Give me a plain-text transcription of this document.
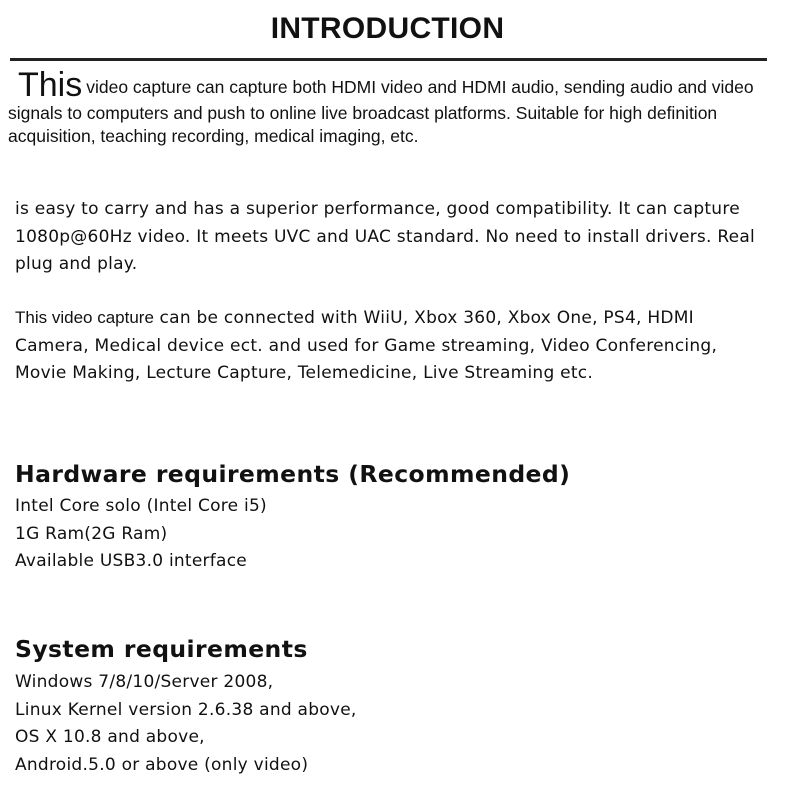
INTRODUCTION

This video capture can capture both HDMI video and HDMI audio, sending audio and video signals to computers and push to online live broadcast platforms. Suitable for high definition acquisition, teaching recording, medical imaging, etc.

is easy to carry and has a superior performance, good compatibility. It can capture 1080p@60Hz video. It meets UVC and UAC standard. No need to install drivers. Real plug and play.

This video capture can be connected with WiiU, Xbox 360, Xbox One, PS4, HDMI Camera, Medical device ect. and used for Game streaming, Video Conferencing, Movie Making, Lecture Capture, Telemedicine, Live Streaming etc.

Hardware requirements (Recommended)
Intel Core solo (Intel Core i5)
1G Ram(2G Ram)
Available USB3.0 interface
System requirements
Windows 7/8/10/Server 2008,
Linux Kernel version 2.6.38 and above,
OS X 10.8 and above,
Android.5.0 or above (only video)
